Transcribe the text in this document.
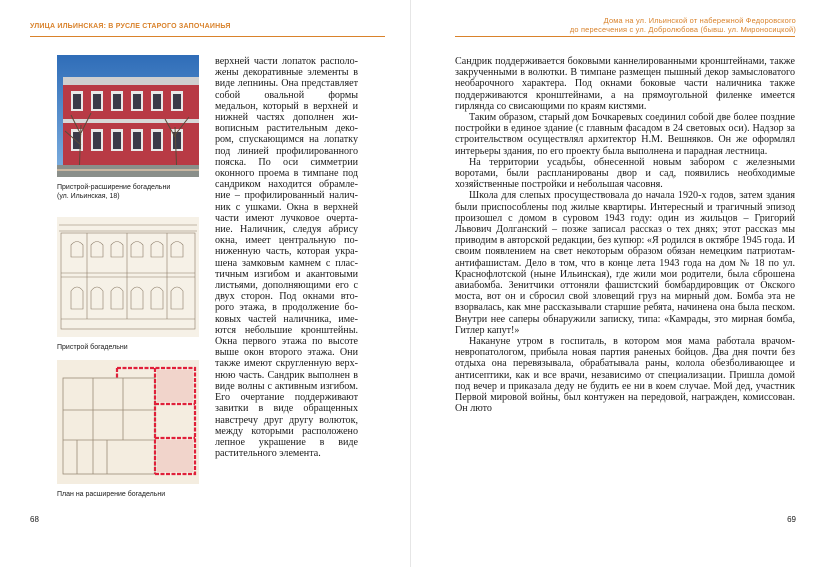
УЛИЦА ИЛЬИНСКАЯ: В РУСЛЕ СТАРОГО ЗАПОЧАИНЬЯ
Пристрой-расширение богадельни
(ул. Ильинская, 18)
Пристрой богадельни
План на расширение богадельни

верхней части лопаток расположены декоративные элементы в виде лепнины. Она представляет собой овальной формы медальон, который в верхней и нижней частях дополнен живописным растительным декором, спускающимся на лопатку под линией профилированного пояска. По оси симметрии оконного проема в тимпане под сандриком находится обрамление – профилированный наличник с ушками. Окна в верхней части имеют лучковое очертание. Наличник, следуя абрису окна, имеет центральную пониженную часть, которая украшена замковым камнем с пластичным изгибом и акантовыми листьями, дополняющими его с двух сторон. Под окнами второго этажа, в продолжение боковых частей наличника, имеются небольшие кронштейны. Окна первого этажа по высоте выше окон второго этажа. Они также имеют скругленную верхнюю часть. Сандрик выполнен в виде волны с активным изгибом. Его очертание поддерживают завитки в виде обращенных навстречу друг другу волюток, между которыми расположено лепное украшение в виде растительного элемента.

68
Дома на ул. Ильинской от набережной Федоровского
до пересечения с ул. Добролюбова (бывш. ул. Мироносицкой)

Сандрик поддерживается боковыми каннелированными кронштейнами, также закрученными в волютки. В тимпане размещен пышный декор замысловатого необарочного характера. Под окнами боковые части наличника также поддерживаются кронштейнами, а на прямоугольной филенке имеется гирлянда со свисающими по краям кистями.

Таким образом, старый дом Бочкаревых соединил собой две более поздние постройки в единое здание (с главным фасадом в 24 световых оси). Надзор за строительством осуществлял архитектор Н.М. Вешняков. Он же оформлял интерьеры здания, по его проекту была выполнена и парадная лестница.

На территории усадьбы, обнесенной новым забором с железными воротами, были распланированы двор и сад, появились необходимые хозяйственные постройки и небольшая часовня.

Школа для слепых просуществовала до начала 1920-х годов, затем здания были приспособлены под жилые квартиры. Интересный и трагичный эпизод произошел с домом в суровом 1943 году: один из жильцов – Григорий Львович Долганский – позже записал рассказ о тех днях; этот рассказ мы приводим в авторской редакции, без купюр: «Я родился в октябре 1945 года. И своим появлением на свет некоторым образом обязан немецким патриотам-антифашистам. Дело в том, что в конце лета 1943 года на дом № 18 по ул. Краснофлотской (ныне Ильинская), где жили мои родители, была сброшена авиабомба. Зенитчики оттоняли фашистский бомбардировщик от Окского моста, вот он и сбросил свой зловещий груз на мирный дом. Бомба эта не взорвалась, как мне рассказывали старшие ребята, начинена она была песком. Внутри нее саперы обнаружили записку, типа: «Камрады, это мирная бомба, Гитлер капут!»

Накануне утром в госпиталь, в котором моя мама работала врачом-невропатологом, прибыла новая партия раненых бойцов. Два дня почти без отдыха она перевязывала, обрабатывала раны, колола обезболивающее и антисептики, как и все врачи, независимо от специализации. Пришла домой под вечер и приказала деду не будить ее ни в коем случае. Мой дед, участник Первой мировой войны, был контужен на передовой, награжден, комиссован. Он люто

69
